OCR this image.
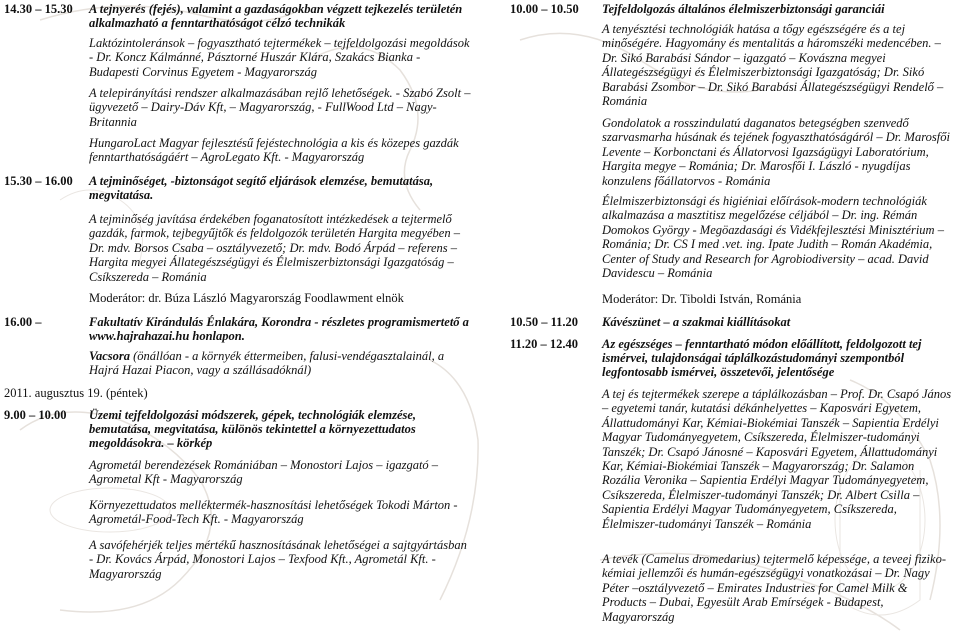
14.30 – 15.30 A tejnyerés (fejés), valamint a gazdaságokban végzett tejkezelés területén alkalmazható a fenntarthatóságot célzó technikák
Laktózintoleránsok – fogyasztható tejtermékek – tejfeldolgozási megoldások - Dr. Koncz Kálmánné, Pásztorné Huszár Klára, Szakács Bianka - Budapesti Corvinus Egyetem - Magyarország
A telepirányítási rendszer alkalmazásában rejlő lehetőségek. - Szabó Zsolt – ügyvezető – Dairy-Dáv Kft, – Magyarország, - FullWood Ltd – Nagy-Britannia
HungaroLact Magyar fejlesztésű fejéstechnológia a kis és közepes gazdák fenntarthatóságáért – AgroLegato Kft. - Magyarország
15.30 – 16.00 A tejminőséget, -biztonságot segítő eljárások elemzése, bemutatása, megvitatása.
A tejminőség javítása érdekében foganatosított intézkedések a tejtermelő gazdák, farmok, tejbegyűjtők és feldolgozók területén Hargita megyében – Dr. mdv. Borsos Csaba – osztályvezető; Dr. mdv. Bodó Árpád – referens – Hargita megyei Állategészségügyi és Élelmiszerbiztonsági Igazgatóság – Csíkszereda – Románia
Moderátor: dr. Búza László Magyarország Foodlawment elnök
16.00 –	Fakultatív Kirándulás Énlakára, Korondra - részletes programismertető a www.hajrahazai.hu honlapon.
Vacsora (önállóan - a környék éttermeiben, falusi-vendégasztalainál, a Hajrá Hazai Piacon, vagy a szállásadóknál)
2011. augusztus 19. (péntek)
9.00 – 10.00 Üzemi tejfeldolgozási módszerek, gépek, technológiák elemzése, bemutatása, megvitatása, különös tekintettel a környezettudatos megoldásokra. – körkép
Agrometál berendezések Romániában – Monostori Lajos – igazgató – Agrometal Kft - Magyarország
Környezettudatos melléktermék-hasznosítási lehetőségek Tokodi Márton - Agrometál-Food-Tech Kft. - Magyarország
A savófehérjék teljes mértékű hasznosításának lehetőségei a sajtgyártásban - Dr. Kovács Árpád, Monostori Lajos – Texfood Kft., Agrometál Kft. - Magyarország
10.00 – 10.50 Tejfeldolgozás általános élelmiszerbiztonsági garanciái
A tenyésztési technológiák hatása a tőgy egészségére és a tej minőségére. Hagyomány és mentalitás a háromszéki medencében. – Dr. Sikó Barabási Sándor – igazgató – Kovászna megyei Állategészségügyi és Élelmiszerbiztonsági Igazgatóság; Dr. Sikó Barabási Zsombor – Dr. Sikó Barabási Állategészségügyi Rendelő – Románia
Gondolatok a rosszindulatú daganatos betegségben szenvedő szarvasmarha húsának és tejének fogyaszthatóságáról – Dr. Marosfői Levente – Korbonctani és Állatorvosi Igazságügyi Laboratórium, Hargita megye – Románia; Dr. Marosfői I. László - nyugdíjas konzulens főállatorvos - Románia
Élelmiszerbiztonsági és higiéniai előírások-modern technológiák alkalmazása a masztitisz megelőzése céljából – Dr. ing. Rémán Domokos György - Megöazdasági és Vidékfejlesztési Minisztérium – Románia; Dr. CS I med .vet. ing. Ipate Judith – Román Akadémia, Center of Study and Research for Agrobiodiversity – acad. David Davidescu – Románia
Moderátor: Dr. Tiboldi István, Románia
10.50 – 11.20 Kávészünet – a szakmai kiállításokat
11.20 – 12.40 Az egészséges – fenntartható módon előállított, feldolgozott tej ismérvei, tulajdonságai táplálkozástudományi szempontból legfontosabb ismérvei, összetevői, jelentősége
A tej és tejtermékek szerepe a táplálkozásban – Prof. Dr. Csapó János – egyetemi tanár, kutatási dékánhelyettes – Kaposvári Egyetem, Állattudományi Kar, Kémiai-Biokémiai Tanszék – Sapientia Erdélyi Magyar Tudományegyetem, Csíkszereda, Élelmiszer-tudományi Tanszék; Dr. Csapó Jánosné – Kaposvári Egyetem, Állattudományi Kar, Kémiai-Biokémiai Tanszék – Magyarország; Dr. Salamon Rozália Veronika – Sapientia Erdélyi Magyar Tudományegyetem, Csíkszereda, Élelmiszer-tudományi Tanszék; Dr. Albert Csilla – Sapientia Erdélyi Magyar Tudományegyetem, Csíkszereda, Élelmiszer-tudományi Tanszék – Románia
A tevék (Camelus dromedarius) tejtermelő képessége, a teveej fiziko-kémiai jellemzői és humán-egészségügyi vonatkozásai – Dr. Nagy Péter –osztályvezető – Emirates Industries for Camel Milk & Products – Dubai, Egyesült Arab Emírségek - Budapest, Magyarország
